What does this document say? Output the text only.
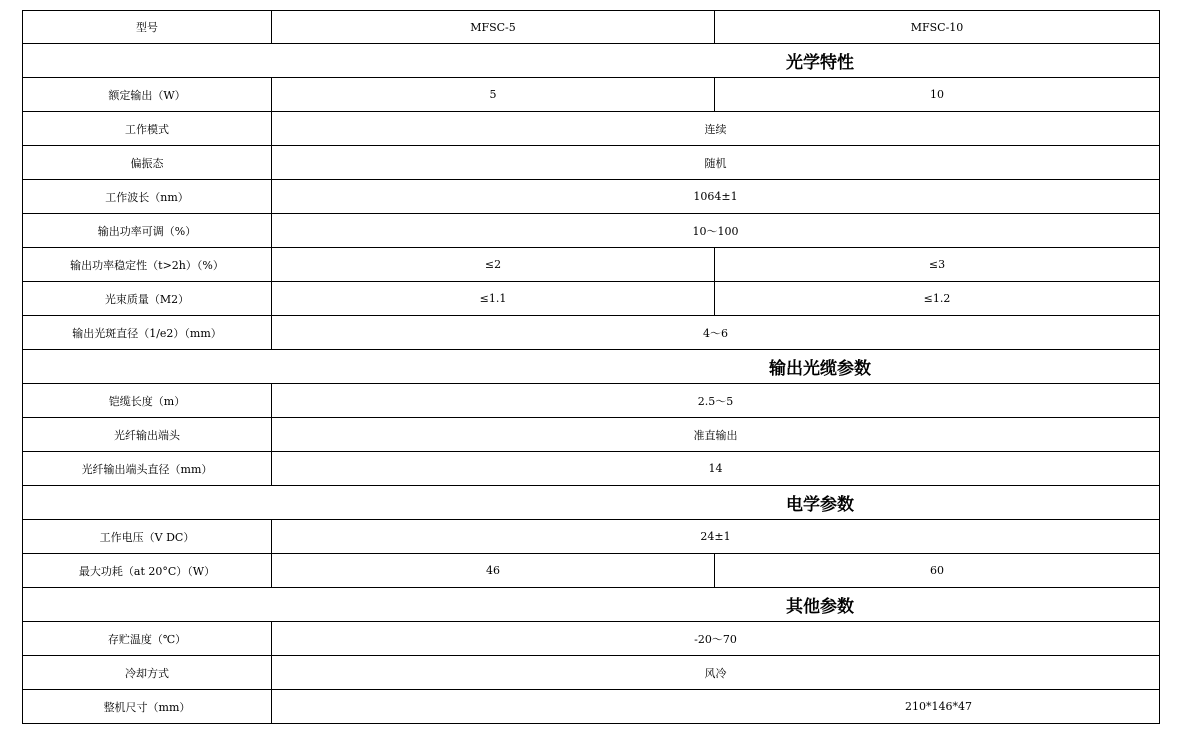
型号	MFSC-5	MFSC-10
光学特性		
额定输出（W）	5	10
工作模式	连续	
偏振态	随机	
工作波长（nm）	1064±1	
输出功率可调（%）	10～100	
输出功率稳定性（t>2h）（%）	≤2	≤3
光束质量（M2）	≤1.1	≤1.2
输出光斑直径（1/e2）（mm）	4～6	
输出光缆参数		
铠缆长度（m）	2.5～5	
光纤输出端头	准直输出	
光纤输出端头直径（mm）	14	
电学参数		
工作电压（V DC）	24±1	
最大功耗（at 20°C）（W）	46	60
其他参数		
存贮温度（℃）	-20～70	
冷却方式	风冷	
整机尺寸（mm）	210*146*47	
